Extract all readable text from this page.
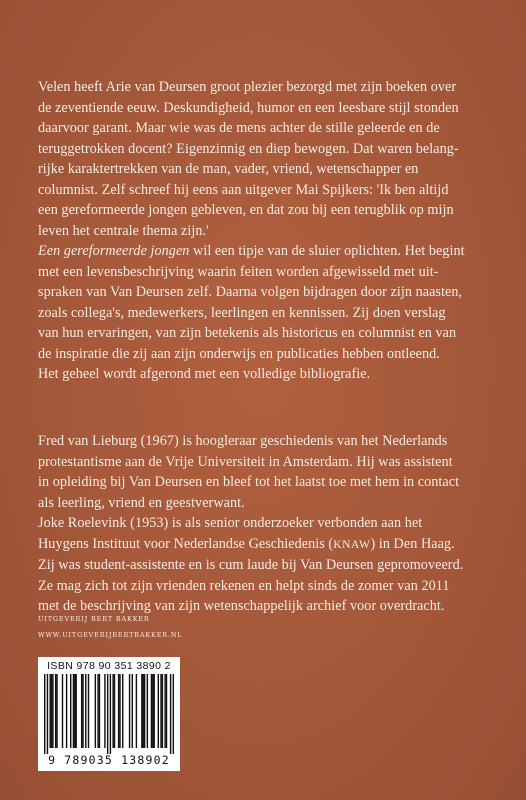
Velen heeft Arie van Deursen groot plezier bezorgd met zijn boeken over

de zeventiende eeuw. Deskundigheid, humor en een leesbare stijl stonden

daarvoor garant. Maar wie was de mens achter de stille geleerde en de

teruggetrokken docent? Eigenzinnig en diep bewogen. Dat waren belang-

rijke karaktertrekken van de man, vader, vriend, wetenschapper en

columnist. Zelf schreef hij eens aan uitgever Mai Spijkers: 'Ik ben altijd

een gereformeerde jongen gebleven, en dat zou bij een terugblik op mijn

leven het centrale thema zijn.'

Een gereformeerde jongen wil een tipje van de sluier oplichten. Het begint

met een levensbeschrijving waarin feiten worden afgewisseld met uit-

spraken van Van Deursen zelf. Daarna volgen bijdragen door zijn naasten,

zoals collega's, medewerkers, leerlingen en kennissen. Zij doen verslag

van hun ervaringen, van zijn betekenis als historicus en columnist en van

de inspiratie die zij aan zijn onderwijs en publicaties hebben ontleend.

Het geheel wordt afgerond met een volledige bibliografie.

Fred van Lieburg (1967) is hoogleraar geschiedenis van het Nederlands

protestantisme aan de Vrije Universiteit in Amsterdam. Hij was assistent

in opleiding bij Van Deursen en bleef tot het laatst toe met hem in contact

als leerling, vriend en geestverwant.

Joke Roelevink (1953) is als senior onderzoeker verbonden aan het

Huygens Instituut voor Nederlandse Geschiedenis (KNAW) in Den Haag.

Zij was student-assistente en is cum laude bij Van Deursen gepromoveerd.

Ze mag zich tot zijn vrienden rekenen en helpt sinds de zomer van 2011

met de beschrijving van zijn wetenschappelijk archief voor overdracht.

UITGEVERIJ BERT BAKKER
WWW.UITGEVERIJBERTBAKKER.NL
ISBN 978 90 351 3890 2
9 789035 138902
